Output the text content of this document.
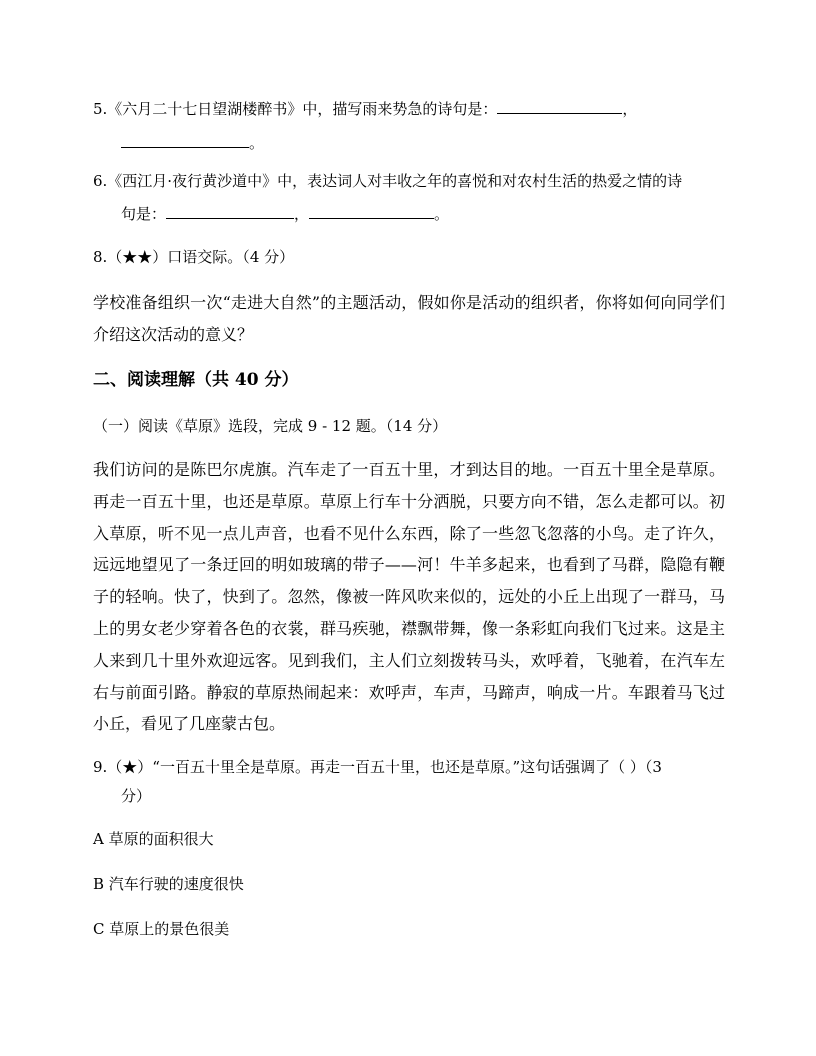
5.《六月二十七日望湖楼醉书》中，描写雨来势急的诗句是：	，
。
6.《西江月·夜行黄沙道中》中，表达词人对丰收之年的喜悦和对农村生活的热爱之情的诗
句是：	，	。
8.（★★）口语交际。（4 分）
学校准备组织一次“走进大自然”的主题活动，假如你是活动的组织者，你将如何向同学们介绍这次活动的意义？
二、阅读理解（共 40 分）
（一）阅读《草原》选段，完成 9 - 12 题。（14 分）
我们访问的是陈巴尔虎旗。汽车走了一百五十里，才到达目的地。一百五十里全是草原。再走一百五十里，也还是草原。草原上行车十分洒脱，只要方向不错，怎么走都可以。初入草原，听不见一点儿声音，也看不见什么东西，除了一些忽飞忽落的小鸟。走了许久，远远地望见了一条迂回的明如玻璃的带子——河！牛羊多起来，也看到了马群，隐隐有鞭子的轻响。快了，快到了。忽然，像被一阵风吹来似的，远处的小丘上出现了一群马，马上的男女老少穿着各色的衣裳，群马疾驰，襟飘带舞，像一条彩虹向我们飞过来。这是主人来到几十里外欢迎远客。见到我们，主人们立刻拨转马头，欢呼着，飞驰着，在汽车左右与前面引路。静寂的草原热闹起来：欢呼声，车声，马蹄声，响成一片。车跟着马飞过小丘，看见了几座蒙古包。
9.（★）“一百五十里全是草原。再走一百五十里，也还是草原。”这句话强调了（ ）（3
分）
A 草原的面积很大
B 汽车行驶的速度很快
C 草原上的景色很美
